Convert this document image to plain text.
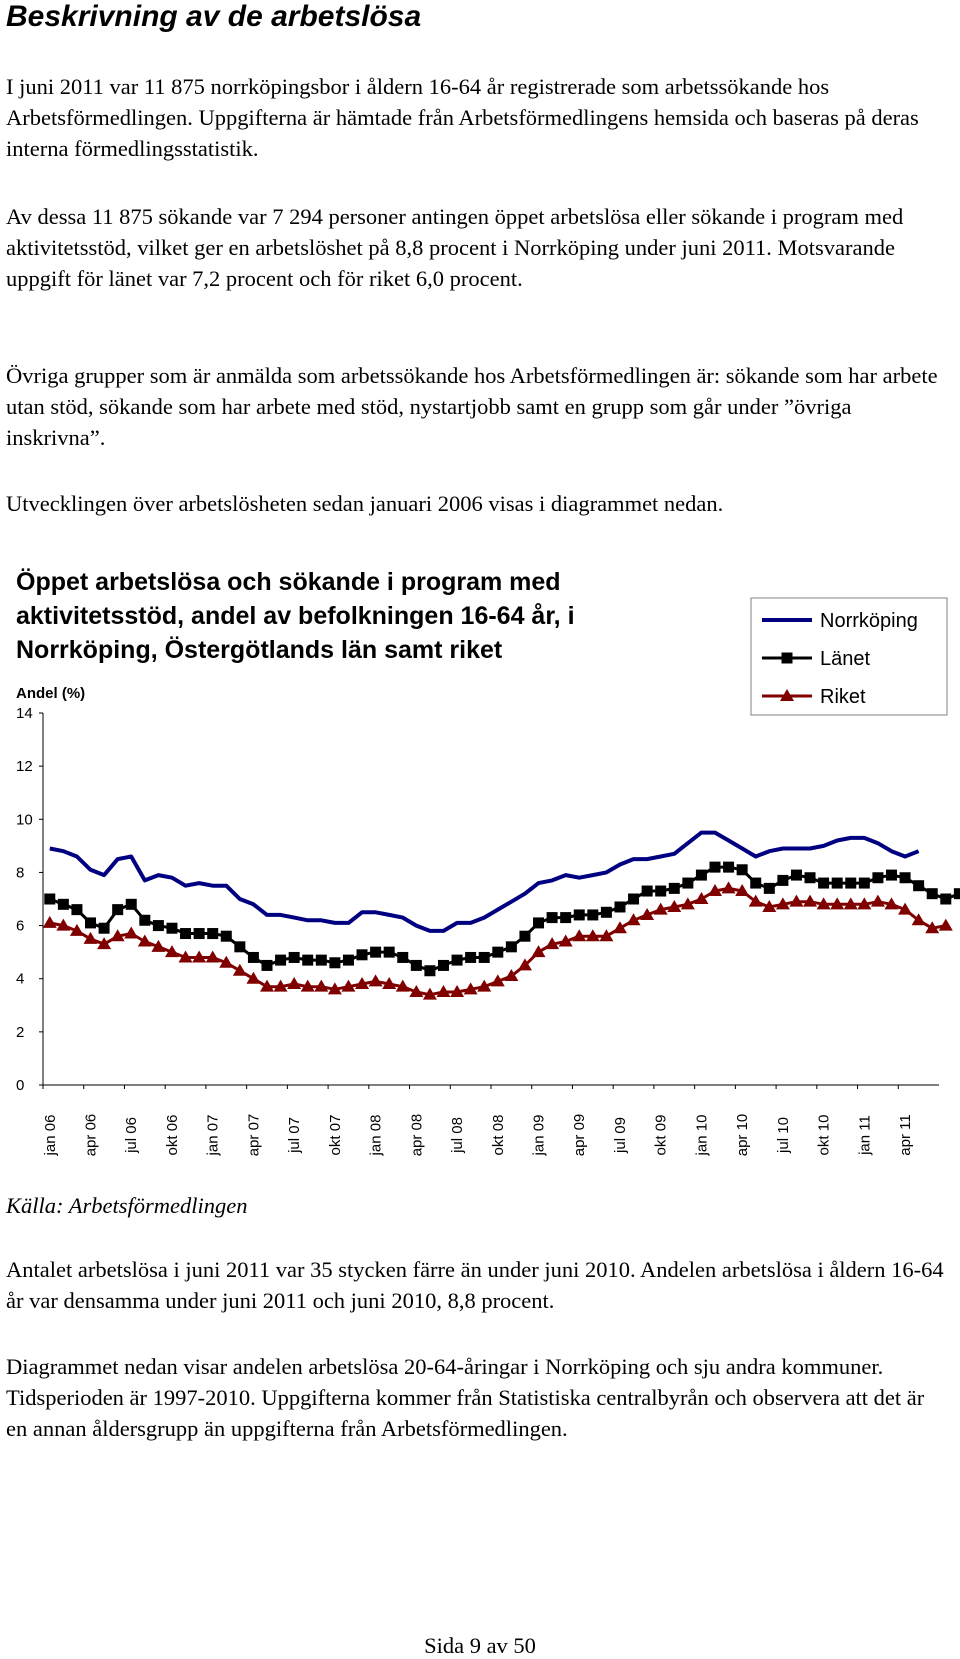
Beskrivning av de arbetslösa

I juni 2011 var 11 875 norrköpingsbor i åldern 16-64 år registrerade som arbetssökande hos Arbetsförmedlingen. Uppgifterna är hämtade från Arbetsförmedlingens hemsida och baseras på deras interna förmedlingsstatistik.

Av dessa 11 875 sökande var 7 294 personer antingen öppet arbetslösa eller sökande i program med aktivitetsstöd, vilket ger en arbetslöshet på 8,8 procent i Norrköping under juni 2011. Motsvarande uppgift för länet var 7,2 procent och för riket 6,0 procent.

Övriga grupper som är anmälda som arbetssökande hos Arbetsförmedlingen är: sökande som har arbete utan stöd, sökande som har arbete med stöd, nystartjobb samt en grupp som går under ”övriga inskrivna”.

Utvecklingen över arbetslösheten sedan januari 2006 visas i diagrammet nedan.

Öppet arbetslösa och sökande i program med aktivitetsstöd, andel av befolkningen 16-64 år, i Norrköping, Östergötlands län samt riket
Andel (%)
0
2
4
6
8
10
12
14
jan 06 apr 06 jul 06 okt 06 jan 07 apr 07 jul 07 okt 07 jan 08 apr 08 jul 08 okt 08 jan 09 apr 09 jul 09 okt 09 jan 10 apr 10 jul 10 okt 10 jan 11 apr 11
Norrköping
Länet
Riket

Källa: Arbetsförmedlingen

Antalet arbetslösa i juni 2011 var 35 stycken färre än under juni 2010. Andelen arbetslösa i åldern 16-64 år var densamma under juni 2011 och juni 2010, 8,8 procent.

Diagrammet nedan visar andelen arbetslösa 20-64-åringar i Norrköping och sju andra kommuner. Tidsperioden är 1997-2010. Uppgifterna kommer från Statistiska centralbyrån och observera att det är en annan åldersgrupp än uppgifterna från Arbetsförmedlingen.

Sida 9 av 50
